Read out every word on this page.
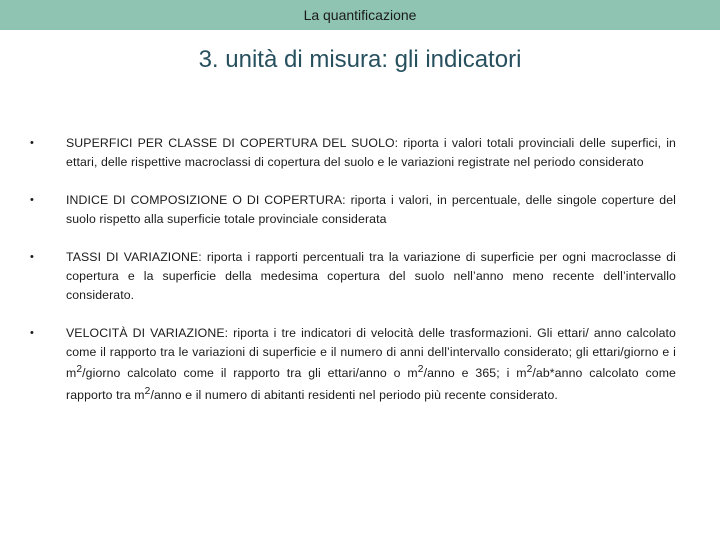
La quantificazione
3. unità di misura: gli indicatori
•	SUPERFICI PER CLASSE DI COPERTURA DEL SUOLO: riporta i valori totali provinciali delle superfici, in ettari, delle rispettive macroclassi di copertura del suolo e le variazioni registrate nel periodo considerato
•	INDICE DI COMPOSIZIONE O DI COPERTURA: riporta i valori, in percentuale, delle singole coperture del suolo rispetto alla superficie totale provinciale considerata
•	TASSI DI VARIAZIONE: riporta i rapporti percentuali tra la variazione di superficie per ogni macroclasse di copertura e la superficie della medesima copertura del suolo nell’anno meno recente dell’intervallo considerato.
•	VELOCITÀ DI VARIAZIONE: riporta i tre indicatori di velocità delle trasformazioni. Gli ettari/ anno calcolato come il rapporto tra le variazioni di superficie e il numero di anni dell’intervallo considerato; gli ettari/giorno e i $m^2$/giorno calcolato come il rapporto tra gli ettari/anno o $m^2$/anno e 365; i $m^2/ab*anno$ calcolato come rapporto tra $m^2$/anno e il numero di abitanti residenti nel periodo più recente considerato.
